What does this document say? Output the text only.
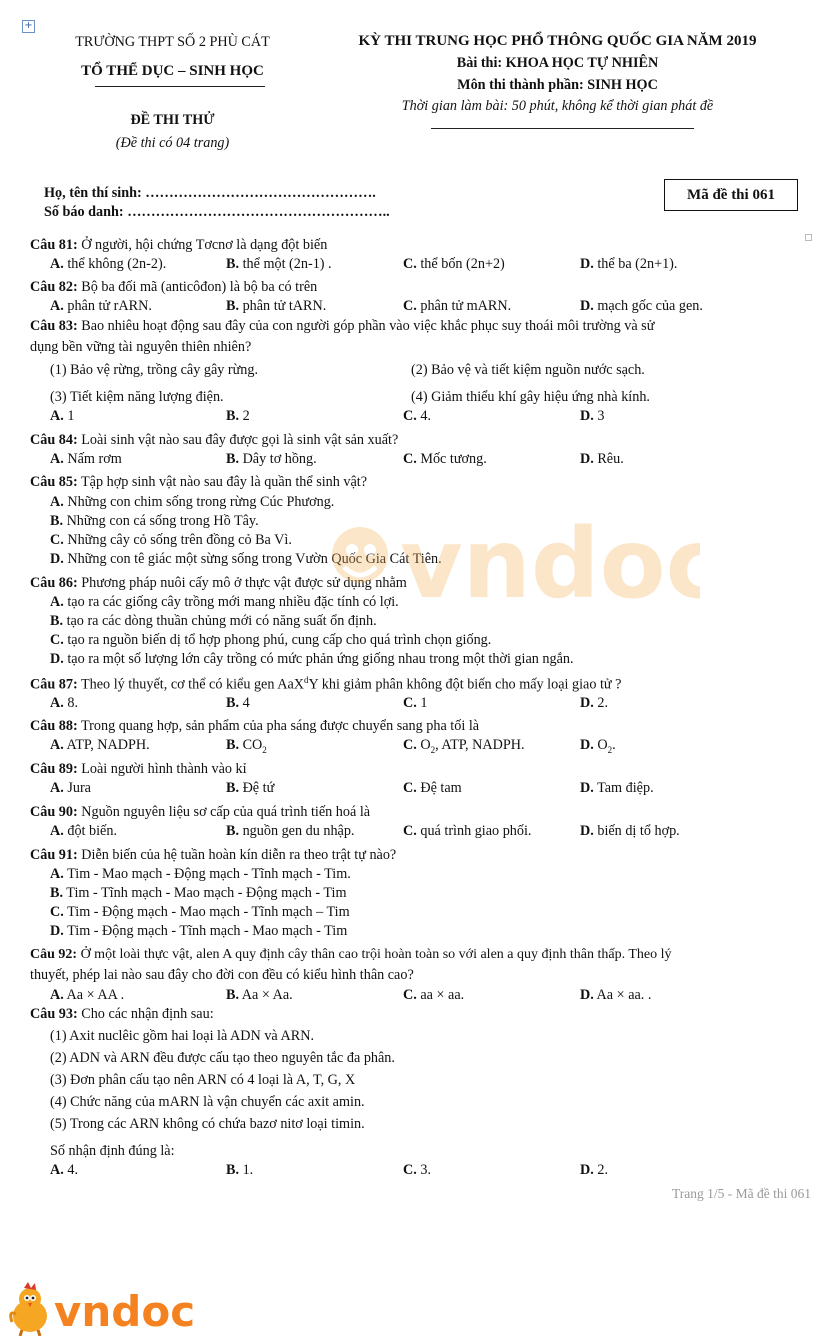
+
TRƯỜNG THPT SỐ 2 PHÙ CÁT
TỔ THỂ DỤC – SINH HỌC
ĐỀ THI THỬ
(Đề thi có 04 trang)
KỲ THI TRUNG HỌC PHỔ THÔNG QUỐC GIA NĂM 2019
Bài thi: KHOA HỌC TỰ NHIÊN
Môn thi thành phần: SINH HỌC
Thời gian làm bài: 50 phút, không kể thời gian phát đề
Họ, tên thí sinh: ………………………………………….
Số báo danh: ………………………………………………..
Mã đề thi 061
Câu 81: Ở người, hội chứng Tơcnơ là dạng đột biến
A. thể không (2n-2).	B. thể một (2n-1) .	C. thể bốn (2n+2)	D. thể ba (2n+1).
Câu 82: Bộ ba đối mã (anticôđon) là bộ ba có trên
A. phân tử rARN.	B. phân tử tARN.	C. phân tử mARN.	D. mạch gốc của gen.
Câu 83: Bao nhiêu hoạt động sau đây của con người góp phần vào việc khắc phục suy thoái môi trường và sử
dụng bền vững tài nguyên thiên nhiên?
(1) Bảo vệ rừng, trồng cây gây rừng.	(2) Bảo vệ và tiết kiệm nguồn nước sạch.
(3) Tiết kiệm năng lượng điện.	(4) Giảm thiểu khí gây hiệu ứng nhà kính.
A. 1	B. 2	C. 4.	D. 3
Câu 84: Loài sinh vật nào sau đây được gọi là sinh vật sản xuất?
A. Nấm rơm	B. Dây tơ hồng.	C. Mốc tương.	D. Rêu.
Câu 85: Tập hợp sinh vật nào sau đây là quần thể sinh vật?
A. Những con chim sống trong rừng Cúc Phương.
B. Những con cá sống trong Hồ Tây.
C. Những cây cỏ sống trên đồng cỏ Ba Vì.
D. Những con tê giác một sừng sống trong Vườn Quốc Gia Cát Tiên.
Câu 86: Phương pháp nuôi cấy mô ở thực vật được sử dụng nhằm
A. tạo ra các giống cây trồng mới mang nhiều đặc tính có lợi.
B. tạo ra các dòng thuần chủng mới có năng suất ổn định.
C. tạo ra nguồn biến dị tổ hợp phong phú, cung cấp cho quá trình chọn giống.
D. tạo ra một số lượng lớn cây trồng có mức phản ứng giống nhau trong một thời gian ngắn.
Câu 87: Theo lý thuyết, cơ thể có kiểu gen AaX$^d$Y khi giảm phân không đột biến cho mấy loại giao tử ?
A. 8.	B. 4	C. 1	D. 2.
Câu 88: Trong quang hợp, sản phẩm của pha sáng được chuyển sang pha tối là
A. ATP, NADPH.	B. $CO_2$	C. $O_2$, ATP, NADPH.	D. $O_2$.
Câu 89: Loài người hình thành vào kỉ
A. Jura	B. Đệ tứ	C. Đệ tam	D. Tam điệp.
Câu 90: Nguồn nguyên liệu sơ cấp của quá trình tiến hoá là
A. đột biến.	B. nguồn gen du nhập.	C. quá trình giao phối.	D. biến dị tổ hợp.
Câu 91: Diễn biến của hệ tuần hoàn kín diễn ra theo trật tự nào?
A. Tim - Mao mạch - Động mạch - Tĩnh mạch - Tim.
B. Tim - Tĩnh mạch - Mao mạch - Động mạch - Tim
C. Tim - Động mạch - Mao mạch - Tĩnh mạch – Tim
D. Tim - Động mạch - Tĩnh mạch - Mao mạch - Tim
Câu 92: Ở một loài thực vật, alen A quy định cây thân cao trội hoàn toàn so với alen a quy định thân thấp. Theo lý
thuyết, phép lai nào sau đây cho đời con đều có kiểu hình thân cao?
A. Aa × AA .	B. Aa × Aa.	C. aa × aa.	D. Aa × aa. .
Câu 93: Cho các nhận định sau:
(1) Axit nuclêic gồm hai loại là ADN và ARN.
(2) ADN và ARN đều được cấu tạo theo nguyên tắc đa phân.
(3) Đơn phân cấu tạo nên ARN có 4 loại là A, T, G, X
(4) Chức năng của mARN là vận chuyển các axit amin.
(5) Trong các ARN không có chứa bazơ nitơ loại timin.
Số nhận định đúng là:
A. 4.	B. 1.	C. 3.	D. 2.
Trang 1/5 - Mã đề thi 061
vndoc
vndoc
